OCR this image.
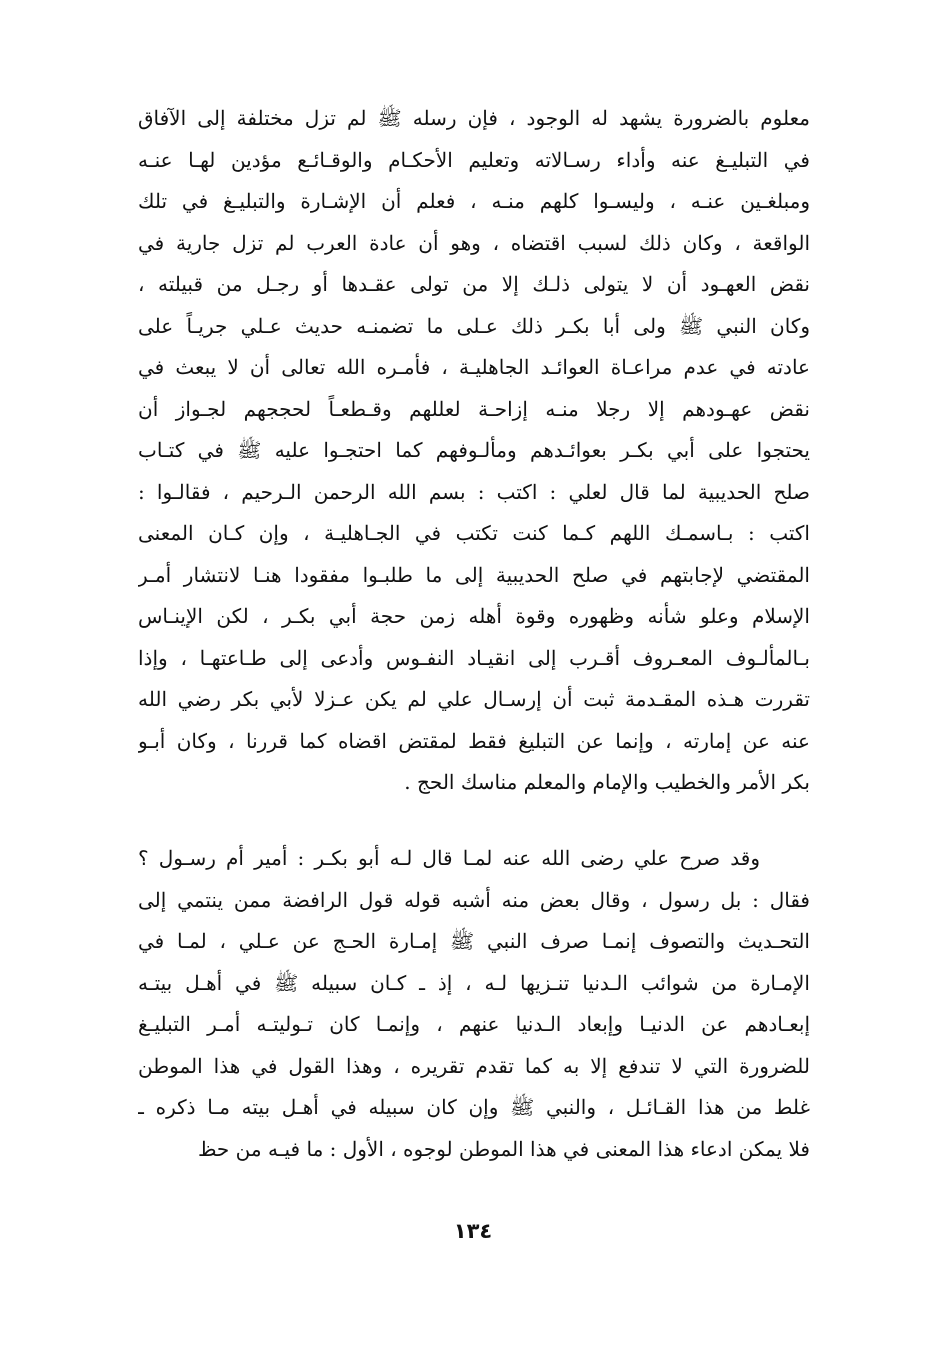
معلوم بالضرورة يشهد له الوجود ، فإن رسله ﷺ لم تزل مختلفة إلى الآفاق
في التبليـغ عنه وأداء رسـالاته وتعليم الأحكـام والوقـائـع مؤدين لهـا عنـه
ومبلغـين عنـه ، وليسـوا كلهم منـه ، فعلم أن الإشـارة والتبليـغ في تلك
الواقعة ، وكان ذلك لسبب اقتضاه ، وهو أن عادة العرب لم تزل جارية في
نقض العهـود أن لا يتولى ذلـك إلا من تولى عقـدها أو رجـل من قبيلته ،
وكان النبي ﷺ ولى أبا بكـر ذلك عـلى ما تضمنـه حديث عـلي جريـاً على
عادته في عدم مراعـاة العوائـد الجاهليـة ، فأمـره الله تعالى أن لا يبعث في
نقض عهـودهم إلا رجلا منـه إزاحـة لعللهم وقـطعـاً لحججهم لجـواز أن
يحتجوا على أبي بكـر بعوائـدهم ومألـوفهم كما احتجـوا عليه ﷺ في كتـاب
صلح الحديبية لما قال لعلي : اكتب : بسم الله الرحمن الـرحيم ، فقالـوا :
اكتب : بـاسمـك اللهم كـما كنت تكتب في الجـاهليـة ، وإن كـان المعنى
المقتضي لإجابتهم في صلح الحديبية إلى ما طلبـوا مفقودا هنـا لانتشار أمـر
الإسلام وعلو شأنه وظهوره وقوة أهله زمن حجة أبي بكـر ، لكن الإينـاس
بـالمألـوف المعـروف أقـرب إلى انقيـاد النفـوس وأدعى إلى طـاعتهـا ، وإذا
تقررت هـذه المقـدمة ثبت أن إرسـال علي لم يكن عـزلا لأبي بكر رضي الله
عنه عن إمارته ، وإنما عن التبليغ فقط لمقتض اقضاه كما قررنا ، وكان أبـو
بكر الأمر والخطيب والإمام والمعلم مناسك الحج .
وقد صرح علي رضى الله عنه لمـا قال لـه أبو بكـر : أمير أم رسـول ؟
فقال : بل رسول ، وقال بعض منه أشبه قوله قول الرافضة ممن ينتمي إلى
التحـديث والتصوف إنمـا صرف النبي ﷺ إمـارة الحـج عن عـلي ، لمـا في
الإمـارة من شوائب الـدنيا تنـزيها لـه ، إذ ـ كـان سبيله ﷺ في أهـل بيتـه
إبعـادهم عن الدنيـا وإبعاد الـدنيا عنهم ، وإنمـا كان تـوليتـه أمـر التبليـغ
للضرورة التي لا تندفع إلا به كما تقدم تقريره ، وهذا القول في هذا الموطن
غلط من هذا القـائـل ، والنبي ﷺ وإن كان سبيله في أهـل بيته مـا ذكره ـ
فلا يمكن ادعاء هذا المعنى في هذا الموطن لوجوه ، الأول : ما فيـه من حظ
١٣٤
